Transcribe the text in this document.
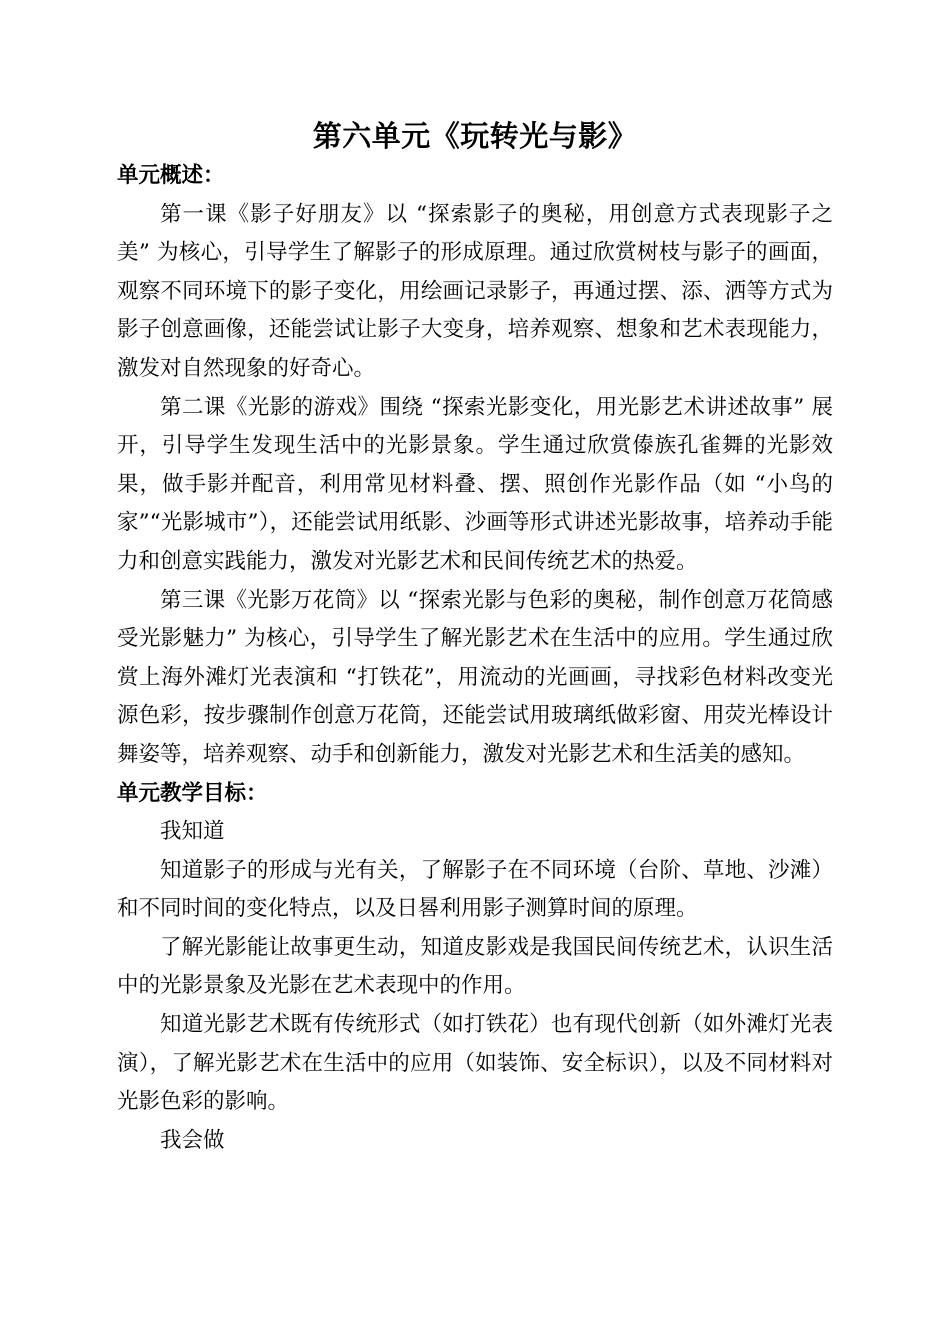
第六单元《玩转光与影》

单元概述：

第一课《影子好朋友》以 “探索影子的奥秘，用创意方式表现影子之美” 为核心，引导学生了解影子的形成原理。通过欣赏树枝与影子的画面，观察不同环境下的影子变化，用绘画记录影子，再通过摆、添、洒等方式为影子创意画像，还能尝试让影子大变身，培养观察、想象和艺术表现能力，激发对自然现象的好奇心。

第二课《光影的游戏》围绕 “探索光影变化，用光影艺术讲述故事” 展开，引导学生发现生活中的光影景象。学生通过欣赏傣族孔雀舞的光影效果，做手影并配音，利用常见材料叠、摆、照创作光影作品（如 “小鸟的家”“光影城市”），还能尝试用纸影、沙画等形式讲述光影故事，培养动手能力和创意实践能力，激发对光影艺术和民间传统艺术的热爱。

第三课《光影万花筒》以 “探索光影与色彩的奥秘，制作创意万花筒感受光影魅力” 为核心，引导学生了解光影艺术在生活中的应用。学生通过欣赏上海外滩灯光表演和 “打铁花”，用流动的光画画，寻找彩色材料改变光源色彩，按步骤制作创意万花筒，还能尝试用玻璃纸做彩窗、用荧光棒设计舞姿等，培养观察、动手和创新能力，激发对光影艺术和生活美的感知。

单元教学目标：

我知道

知道影子的形成与光有关，了解影子在不同环境（台阶、草地、沙滩）和不同时间的变化特点，以及日晷利用影子测算时间的原理。

了解光影能让故事更生动，知道皮影戏是我国民间传统艺术，认识生活中的光影景象及光影在艺术表现中的作用。

知道光影艺术既有传统形式（如打铁花）也有现代创新（如外滩灯光表演），了解光影艺术在生活中的应用（如装饰、安全标识），以及不同材料对光影色彩的影响。

我会做
